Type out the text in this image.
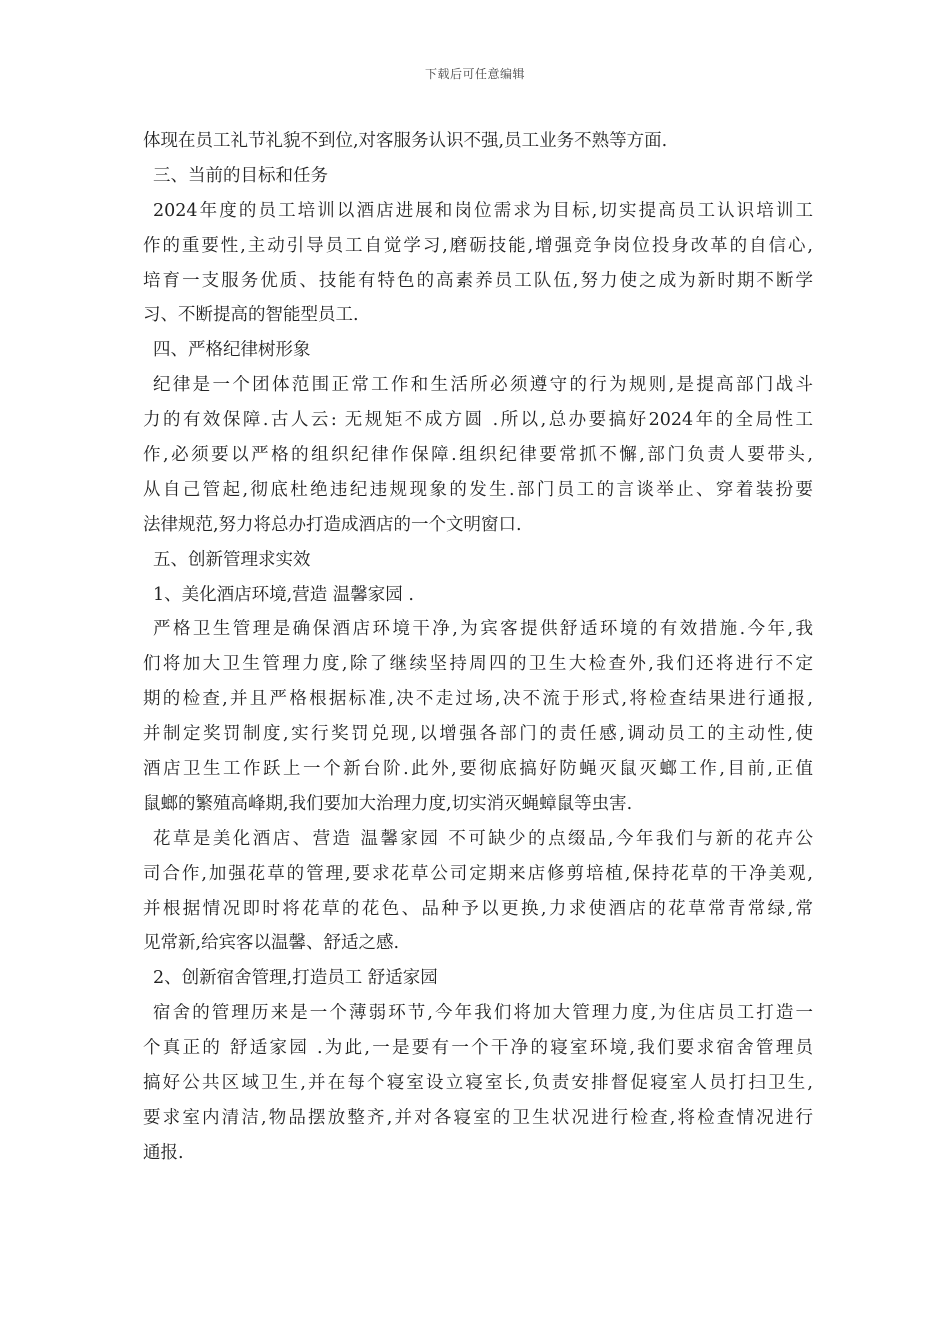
下载后可任意编辑
体现在员工礼节礼貌不到位,对客服务认识不强,员工业务不熟等方面.
三、当前的目标和任务
2024年度的员工培训以酒店进展和岗位需求为目标,切实提高员工认识培训工
作的重要性,主动引导员工自觉学习,磨砺技能,增强竞争岗位投身改革的自信心,
培育一支服务优质、技能有特色的高素养员工队伍,努力使之成为新时期不断学
习、不断提高的智能型员工.
四、严格纪律树形象
纪律是一个团体范围正常工作和生活所必须遵守的行为规则,是提高部门战斗
力的有效保障.古人云: 无规矩不成方圆 .所以,总办要搞好2024年的全局性工
作,必须要以严格的组织纪律作保障.组织纪律要常抓不懈,部门负责人要带头,
从自己管起,彻底杜绝违纪违规现象的发生.部门员工的言谈举止、穿着装扮要
法律规范,努力将总办打造成酒店的一个文明窗口.
五、创新管理求实效
1、美化酒店环境,营造 温馨家园 .
严格卫生管理是确保酒店环境干净,为宾客提供舒适环境的有效措施.今年,我
们将加大卫生管理力度,除了继续坚持周四的卫生大检查外,我们还将进行不定
期的检查,并且严格根据标准,决不走过场,决不流于形式,将检查结果进行通报,
并制定奖罚制度,实行奖罚兑现,以增强各部门的责任感,调动员工的主动性,使
酒店卫生工作跃上一个新台阶.此外,要彻底搞好防蝇灭鼠灭螂工作,目前,正值
鼠螂的繁殖高峰期,我们要加大治理力度,切实消灭蝇蟑鼠等虫害.
花草是美化酒店、营造 温馨家园 不可缺少的点缀品,今年我们与新的花卉公
司合作,加强花草的管理,要求花草公司定期来店修剪培植,保持花草的干净美观,
并根据情况即时将花草的花色、品种予以更换,力求使酒店的花草常青常绿,常
见常新,给宾客以温馨、舒适之感.
2、创新宿舍管理,打造员工 舒适家园
宿舍的管理历来是一个薄弱环节,今年我们将加大管理力度,为住店员工打造一
个真正的 舒适家园 .为此,一是要有一个干净的寝室环境,我们要求宿舍管理员
搞好公共区域卫生,并在每个寝室设立寝室长,负责安排督促寝室人员打扫卫生,
要求室内清洁,物品摆放整齐,并对各寝室的卫生状况进行检查,将检查情况进行
通报.
